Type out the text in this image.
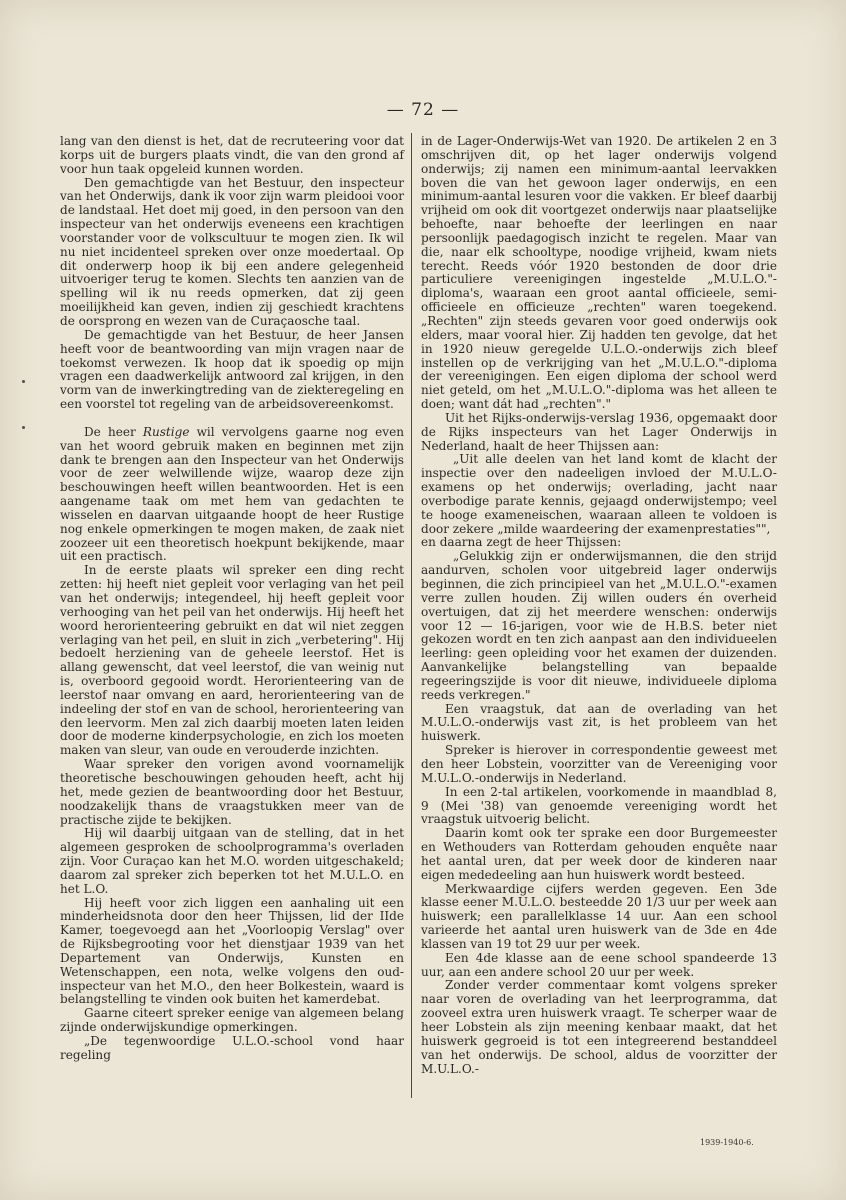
— 72 —

lang van den dienst is het, dat de recruteering voor dat korps uit de burgers plaats vindt, die van den grond af voor hun taak opgeleid kunnen worden.

Den gemachtigde van het Bestuur, den inspecteur van het Onderwijs, dank ik voor zijn warm pleidooi voor de landstaal. Het doet mij goed, in den persoon van den inspecteur van het onderwijs eveneens een krachtigen voorstander voor de volkscultuur te mogen zien. Ik wil nu niet incidenteel spreken over onze moedertaal. Op dit onderwerp hoop ik bij een andere gelegenheid uitvoeriger terug te komen. Slechts ten aanzien van de spelling wil ik nu reeds opmerken, dat zij geen moeilijkheid kan geven, indien zij geschiedt krachtens de oorsprong en wezen van de Curaçaosche taal.

De gemachtigde van het Bestuur, de heer Jansen heeft voor de beantwoording van mijn vragen naar de toekomst verwezen. Ik hoop dat ik spoedig op mijn vragen een daadwerkelijk antwoord zal krijgen, in den vorm van de inwerkingtreding van de ziekteregeling en een voorstel tot regeling van de arbeidsovereenkomst.

De heer Rustige wil vervolgens gaarne nog even van het woord gebruik maken en beginnen met zijn dank te brengen aan den Inspecteur van het Onderwijs voor de zeer welwillende wijze, waarop deze zijn beschouwingen heeft willen beantwoorden. Het is een aangename taak om met hem van gedachten te wisselen en daarvan uitgaande hoopt de heer Rustige nog enkele opmerkingen te mogen maken, de zaak niet zoozeer uit een theoretisch hoekpunt bekijkende, maar uit een practisch.

In de eerste plaats wil spreker een ding recht zetten: hij heeft niet gepleit voor verlaging van het peil van het onderwijs; integendeel, hij heeft gepleit voor verhooging van het peil van het onderwijs. Hij heeft het woord herorienteering gebruikt en dat wil niet zeggen verlaging van het peil, en sluit in zich „verbetering". Hij bedoelt herziening van de geheele leerstof. Het is allang gewenscht, dat veel leerstof, die van weinig nut is, overboord gegooid wordt. Herorienteering van de leerstof naar omvang en aard, herorienteering van de indeeling der stof en van de school, herorienteering van den leervorm. Men zal zich daarbij moeten laten leiden door de moderne kinderpsychologie, en zich los moeten maken van sleur, van oude en verouderde inzichten.

Waar spreker den vorigen avond voornamelijk theoretische beschouwingen gehouden heeft, acht hij het, mede gezien de beantwoording door het Bestuur, noodzakelijk thans de vraagstukken meer van de practische zijde te bekijken.

Hij wil daarbij uitgaan van de stelling, dat in het algemeen gesproken de schoolprogramma's overladen zijn. Voor Curaçao kan het M.O. worden uitgeschakeld; daarom zal spreker zich beperken tot het M.U.L.O. en het L.O.

Hij heeft voor zich liggen een aanhaling uit een minderheidsnota door den heer Thijssen, lid der IIde Kamer, toegevoegd aan het „Voorloopig Verslag" over de Rijksbegrooting voor het dienstjaar 1939 van het Departement van Onderwijs, Kunsten en Wetenschappen, een nota, welke volgens den oud-inspecteur van het M.O., den heer Bolkestein, waard is belangstelling te vinden ook buiten het kamerdebat.

Gaarne citeert spreker eenige van algemeen belang zijnde onderwijskundige opmerkingen.

„De tegenwoordige U.L.O.-school vond haar regeling

in de Lager-Onderwijs-Wet van 1920. De artikelen 2 en 3 omschrijven dit, op het lager onderwijs volgend onderwijs; zij namen een minimum-aantal leervakken boven die van het gewoon lager onderwijs, en een minimum-aantal lesuren voor die vakken. Er bleef daarbij vrijheid om ook dit voortgezet onderwijs naar plaatselijke behoefte, naar behoefte der leerlingen en naar persoonlijk paedagogisch inzicht te regelen. Maar van die, naar elk schooltype, noodige vrijheid, kwam niets terecht. Reeds vóór 1920 bestonden de door drie particuliere vereenigingen ingestelde „M.U.L.O."-diploma's, waaraan een groot aantal officieele, semi-officieele en officieuze „rechten" waren toegekend. „Rechten" zijn steeds gevaren voor goed onderwijs ook elders, maar vooral hier. Zij hadden ten gevolge, dat het in 1920 nieuw geregelde U.L.O.-onderwijs zich bleef instellen op de verkrijging van het „M.U.L.O."-diploma der vereenigingen. Een eigen diploma der school werd niet geteld, om het „M.U.L.O."-diploma was het alleen te doen; want dát had „rechten"."

Uit het Rijks-onderwijs-verslag 1936, opgemaakt door de Rijks inspecteurs van het Lager Onderwijs in Nederland, haalt de heer Thijssen aan:

„Uit alle deelen van het land komt de klacht der inspectie over den nadeeligen invloed der M.U.L.O-examens op het onderwijs; overlading, jacht naar overbodige parate kennis, gejaagd onderwijstempo; veel te hooge exameneischen, waaraan alleen te voldoen is door zekere „milde waardeering der examenprestaties"",

en daarna zegt de heer Thijssen:

„Gelukkig zijn er onderwijsmannen, die den strijd aandurven, scholen voor uitgebreid lager onderwijs beginnen, die zich principieel van het „M.U.L.O."-examen verre zullen houden. Zij willen ouders én overheid overtuigen, dat zij het meerdere wenschen: onderwijs voor 12 — 16-jarigen, voor wie de H.B.S. beter niet gekozen wordt en ten zich aanpast aan den individueelen leerling: geen opleiding voor het examen der duizenden. Aanvankelijke belangstelling van bepaalde regeeringszijde is voor dit nieuwe, individueele diploma reeds verkregen."

Een vraagstuk, dat aan de overlading van het M.U.L.O.-onderwijs vast zit, is het probleem van het huiswerk.

Spreker is hierover in correspondentie geweest met den heer Lobstein, voorzitter van de Vereeniging voor M.U.L.O.-onderwijs in Nederland.

In een 2-tal artikelen, voorkomende in maandblad 8, 9 (Mei '38) van genoemde vereeniging wordt het vraagstuk uitvoerig belicht.

Daarin komt ook ter sprake een door Burgemeester en Wethouders van Rotterdam gehouden enquête naar het aantal uren, dat per week door de kinderen naar eigen mededeeling aan hun huiswerk wordt besteed.

Merkwaardige cijfers werden gegeven. Een 3de klasse eener M.U.L.O. besteedde 20 1/3 uur per week aan huiswerk; een parallelklasse 14 uur. Aan een school varieerde het aantal uren huiswerk van de 3de en 4de klassen van 19 tot 29 uur per week.

Een 4de klasse aan de eene school spandeerde 13 uur, aan een andere school 20 uur per week.

Zonder verder commentaar komt volgens spreker naar voren de overlading van het leerprogramma, dat zooveel extra uren huiswerk vraagt. Te scherper waar de heer Lobstein als zijn meening kenbaar maakt, dat het huiswerk gegroeid is tot een integreerend bestanddeel van het onderwijs. De school, aldus de voorzitter der M.U.L.O.-

1939-1940-6.
